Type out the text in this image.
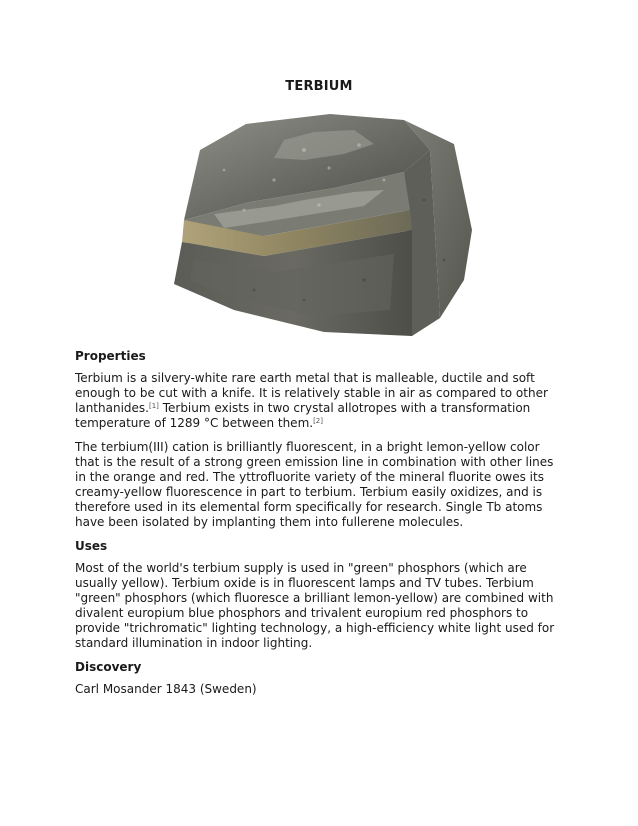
TERBIUM
Properties

Terbium is a silvery-white rare earth metal that is malleable, ductile and soft enough to be cut with a knife. It is relatively stable in air as compared to other lanthanides.[1] Terbium exists in two crystal allotropes with a transformation temperature of 1289 °C between them.[2]

The terbium(III) cation is brilliantly fluorescent, in a bright lemon-yellow color that is the result of a strong green emission line in combination with other lines in the orange and red. The yttrofluorite variety of the mineral fluorite owes its creamy-yellow fluorescence in part to terbium. Terbium easily oxidizes, and is therefore used in its elemental form specifically for research. Single Tb atoms have been isolated by implanting them into fullerene molecules.

Uses

Most of the world's terbium supply is used in "green" phosphors (which are usually yellow). Terbium oxide is in fluorescent lamps and TV tubes. Terbium "green" phosphors (which fluoresce a brilliant lemon-yellow) are combined with divalent europium blue phosphors and trivalent europium red phosphors to provide "trichromatic" lighting technology, a high-efficiency white light used for standard illumination in indoor lighting.

Discovery

Carl Mosander 1843 (Sweden)
